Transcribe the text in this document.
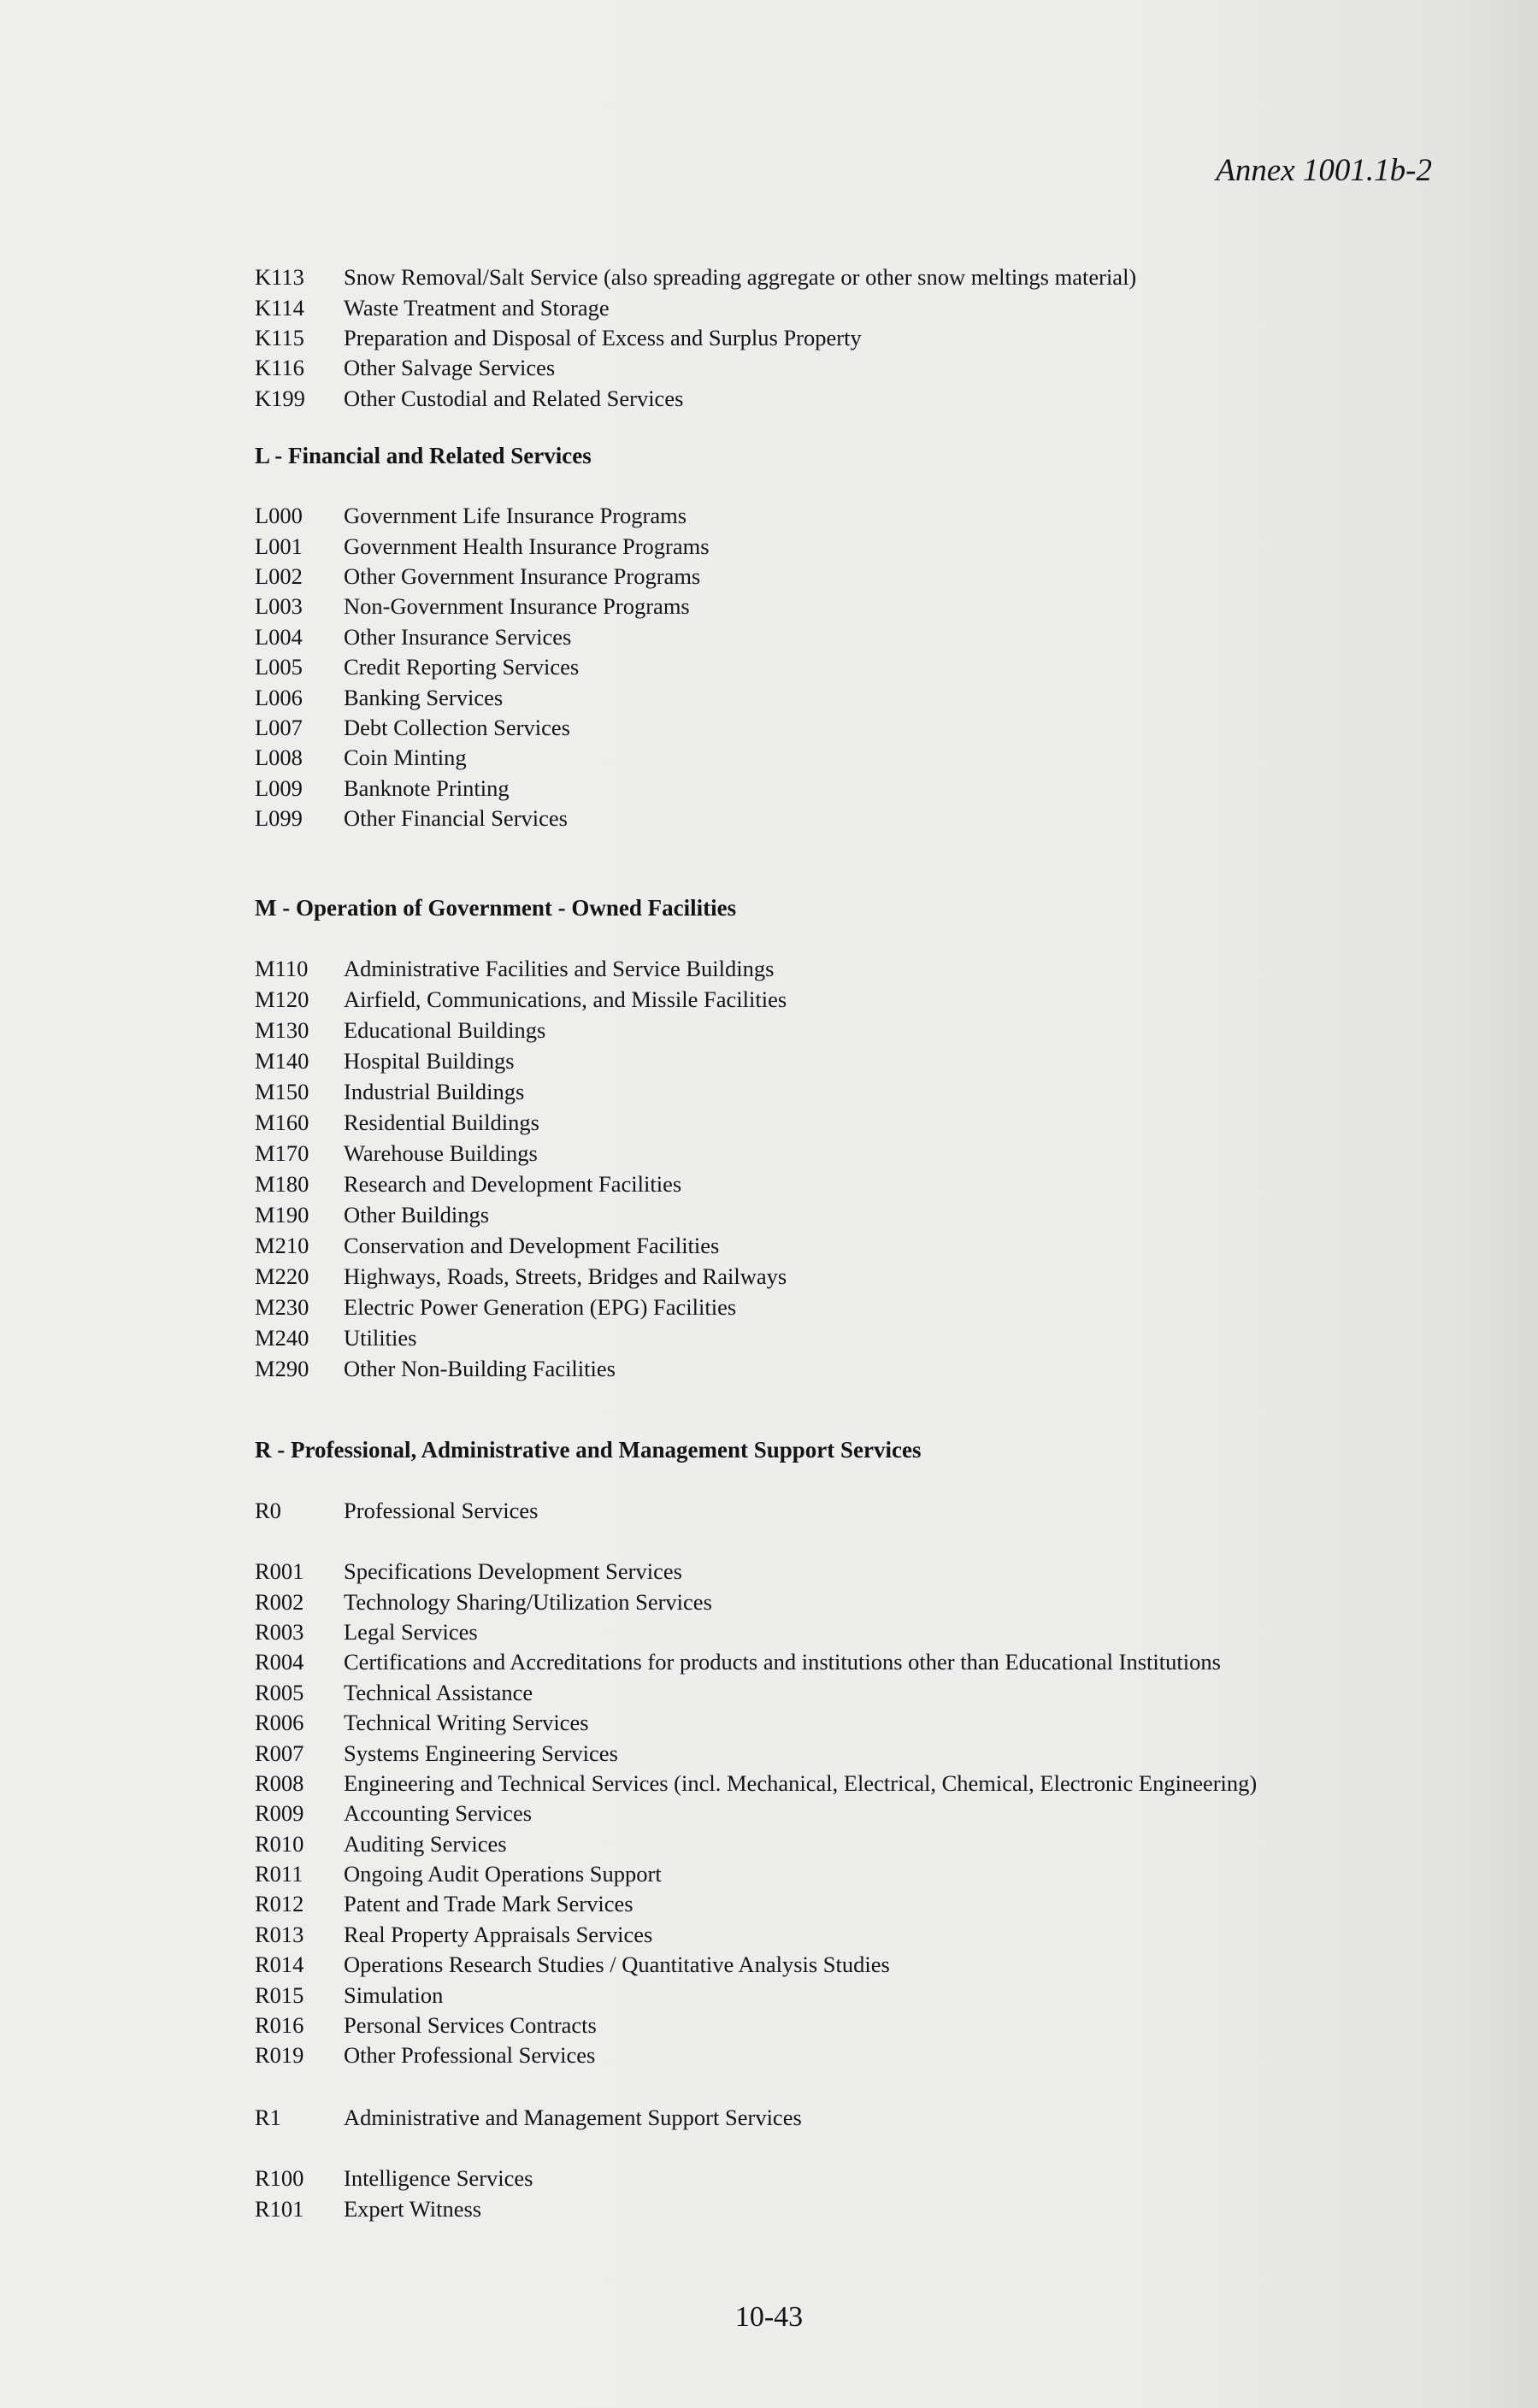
Annex 1001.1b-2
K113	Snow Removal/Salt Service (also spreading aggregate or other snow meltings material)
K114	Waste Treatment and Storage
K115	Preparation and Disposal of Excess and Surplus Property
K116	Other Salvage Services
K199	Other Custodial and Related Services
L - Financial and Related Services
L000	Government Life Insurance Programs
L001	Government Health Insurance Programs
L002	Other Government Insurance Programs
L003	Non-Government Insurance Programs
L004	Other Insurance Services
L005	Credit Reporting Services
L006	Banking Services
L007	Debt Collection Services
L008	Coin Minting
L009	Banknote Printing
L099	Other Financial Services
M - Operation of Government - Owned Facilities
M110	Administrative Facilities and Service Buildings
M120	Airfield, Communications, and Missile Facilities
M130	Educational Buildings
M140	Hospital Buildings
M150	Industrial Buildings
M160	Residential Buildings
M170	Warehouse Buildings
M180	Research and Development Facilities
M190	Other Buildings
M210	Conservation and Development Facilities
M220	Highways, Roads, Streets, Bridges and Railways
M230	Electric Power Generation (EPG) Facilities
M240	Utilities
M290	Other Non-Building Facilities
R - Professional, Administrative and Management Support Services
R0	Professional Services
R001	Specifications Development Services
R002	Technology Sharing/Utilization Services
R003	Legal Services
R004	Certifications and Accreditations for products and institutions other than Educational Institutions
R005	Technical Assistance
R006	Technical Writing Services
R007	Systems Engineering Services
R008	Engineering and Technical Services (incl. Mechanical, Electrical, Chemical, Electronic Engineering)
R009	Accounting Services
R010	Auditing Services
R011	Ongoing Audit Operations Support
R012	Patent and Trade Mark Services
R013	Real Property Appraisals Services
R014	Operations Research Studies / Quantitative Analysis Studies
R015	Simulation
R016	Personal Services Contracts
R019	Other Professional Services
R1	Administrative and Management Support Services
R100	Intelligence Services
R101	Expert Witness
10-43
